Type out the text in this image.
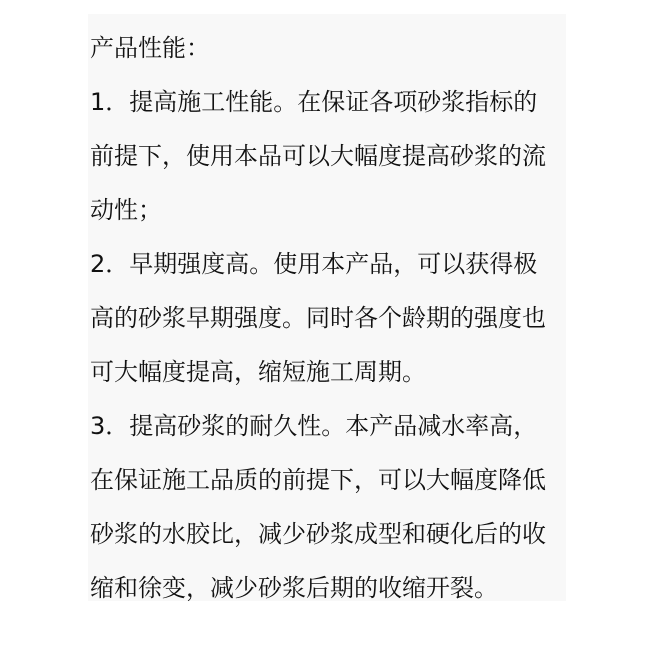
产品性能：
1．提高施工性能。在保证各项砂浆指标的
前提下，使用本品可以大幅度提高砂浆的流
动性；
2．早期强度高。使用本产品，可以获得极
高的砂浆早期强度。同时各个龄期的强度也
可大幅度提高，缩短施工周期。
3．提高砂浆的耐久性。本产品减水率高，
在保证施工品质的前提下，可以大幅度降低
砂浆的水胶比，减少砂浆成型和硬化后的收
缩和徐变，减少砂浆后期的收缩开裂。
